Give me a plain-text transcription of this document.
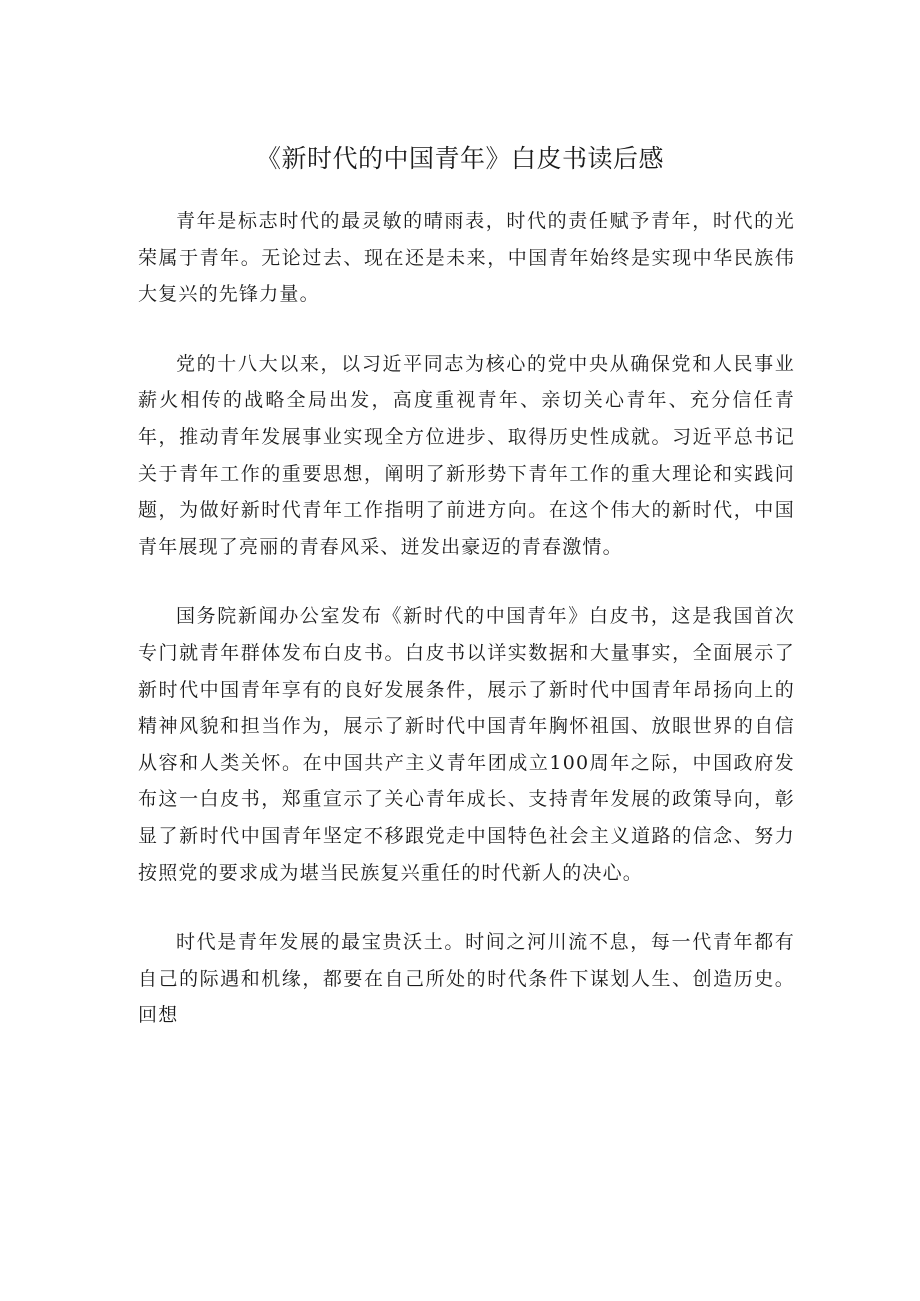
《新时代的中国青年》白皮书读后感

青年是标志时代的最灵敏的晴雨表，时代的责任赋予青年，时代的光荣属于青年。无论过去、现在还是未来，中国青年始终是实现中华民族伟大复兴的先锋力量。

党的十八大以来，以习近平同志为核心的党中央从确保党和人民事业薪火相传的战略全局出发，高度重视青年、亲切关心青年、充分信任青年，推动青年发展事业实现全方位进步、取得历史性成就。习近平总书记关于青年工作的重要思想，阐明了新形势下青年工作的重大理论和实践问题，为做好新时代青年工作指明了前进方向。在这个伟大的新时代，中国青年展现了亮丽的青春风采、迸发出豪迈的青春激情。

国务院新闻办公室发布《新时代的中国青年》白皮书，这是我国首次专门就青年群体发布白皮书。白皮书以详实数据和大量事实，全面展示了新时代中国青年享有的良好发展条件，展示了新时代中国青年昂扬向上的精神风貌和担当作为，展示了新时代中国青年胸怀祖国、放眼世界的自信从容和人类关怀。在中国共产主义青年团成立100周年之际，中国政府发布这一白皮书，郑重宣示了关心青年成长、支持青年发展的政策导向，彰显了新时代中国青年坚定不移跟党走中国特色社会主义道路的信念、努力按照党的要求成为堪当民族复兴重任的时代新人的决心。

时代是青年发展的最宝贵沃土。时间之河川流不息，每一代青年都有自己的际遇和机缘，都要在自己所处的时代条件下谋划人生、创造历史。回想
